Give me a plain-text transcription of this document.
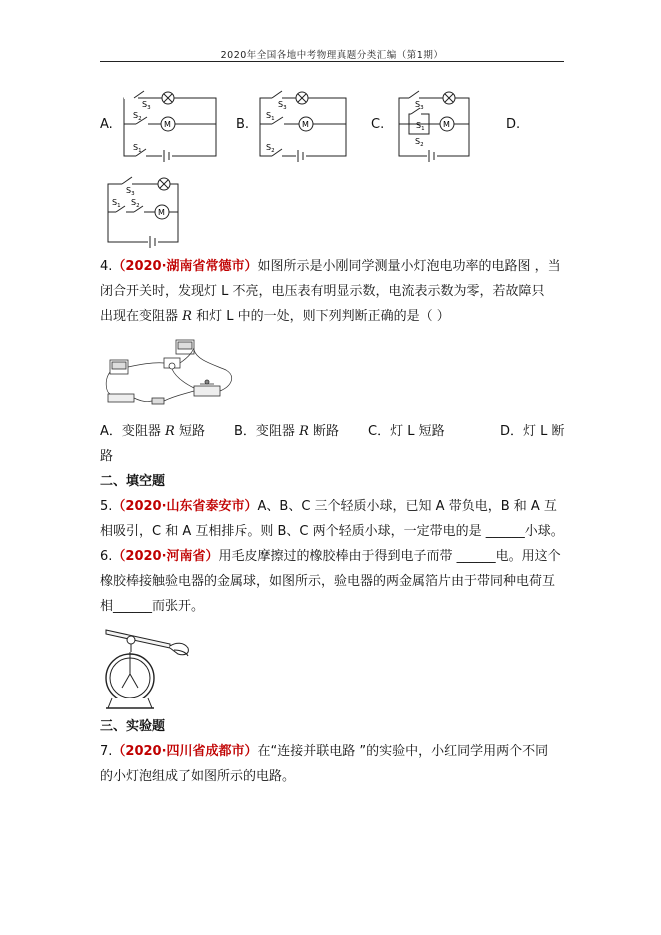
2020年全国各地中考物理真题分类汇编（第1期）
A.	B.	C.	D.
$S_3$
$S_2$
M
$S_1$
$S_3$
$S_1$
M
$S_2$
$S_3$
$S_1$ M
$S_2$
$S_3$
$S_1$ $S_2$
M
4.（2020·湖南省常德市）如图所示是小刚同学测量小灯泡电功率的电路图 ，当
闭合开关时，发现灯 L 不亮，电压表有明显示数，电流表示数为零，若故障只
出现在变阻器 R 和灯 L 中的一处，则下列判断正确的是（ ）
A．变阻器 R 短路 B．变阻器 R 断路 C．灯 L 短路	D．灯 L 断
路
二、填空题
5.（2020·山东省泰安市）A、B、C 三个轻质小球，已知 A 带负电，B 和 A 互
相吸引，C 和 A 互相排斥。则 B、C 两个轻质小球，一定带电的是 ______小球。
6.（2020·河南省）用毛皮摩擦过的橡胶棒由于得到电子而带 ______电。用这个
橡胶棒接触验电器的金属球，如图所示，验电器的两金属箔片由于带同种电荷互
相______而张开。
三、实验题
7.（2020·四川省成都市）在“连接并联电路 ”的实验中，小红同学用两个不同
的小灯泡组成了如图所示的电路。
